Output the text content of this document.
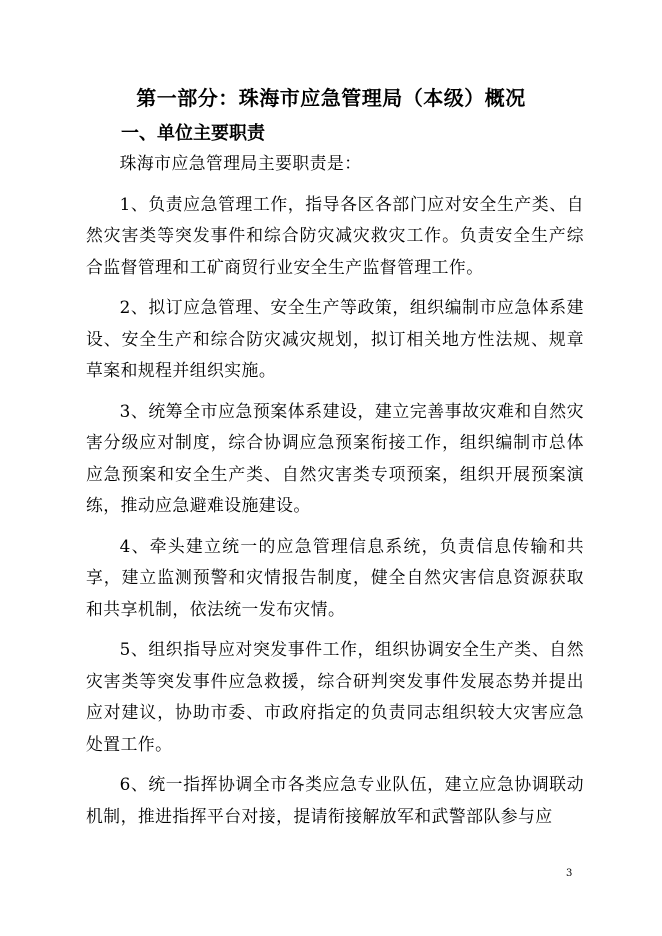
第一部分：珠海市应急管理局（本级）概况
一、单位主要职责

珠海市应急管理局主要职责是：

1、负责应急管理工作，指导各区各部门应对安全生产类、自然灾害类等突发事件和综合防灾减灾救灾工作。负责安全生产综合监督管理和工矿商贸行业安全生产监督管理工作。

2、拟订应急管理、安全生产等政策，组织编制市应急体系建设、安全生产和综合防灾减灾规划，拟订相关地方性法规、规章草案和规程并组织实施。

3、统筹全市应急预案体系建设，建立完善事故灾难和自然灾害分级应对制度，综合协调应急预案衔接工作，组织编制市总体应急预案和安全生产类、自然灾害类专项预案，组织开展预案演练，推动应急避难设施建设。

4、牵头建立统一的应急管理信息系统，负责信息传输和共享，建立监测预警和灾情报告制度，健全自然灾害信息资源获取和共享机制，依法统一发布灾情。

5、组织指导应对突发事件工作，组织协调安全生产类、自然灾害类等突发事件应急救援，综合研判突发事件发展态势并提出应对建议，协助市委、市政府指定的负责同志组织较大灾害应急处置工作。

6、统一指挥协调全市各类应急专业队伍，建立应急协调联动机制，推进指挥平台对接，提请衔接解放军和武警部队参与应

3
